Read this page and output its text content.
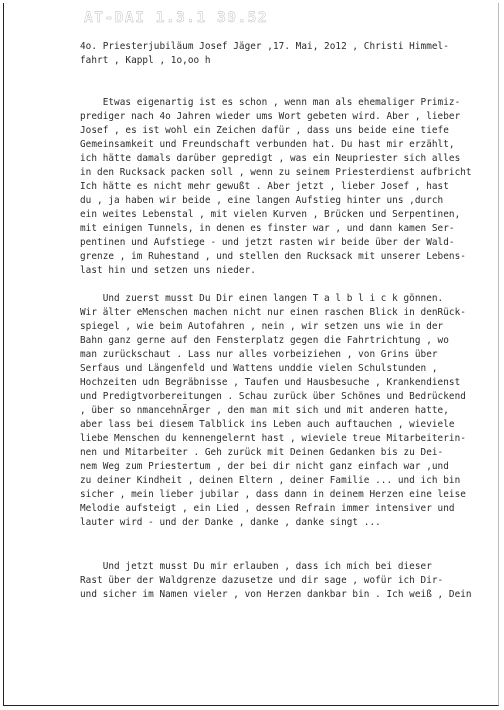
AT-DAI 1.3.1 39.52
4o. Priesterjubiläum Josef Jäger ,17. Mai, 2o12 , Christi Himmel-
fahrt , Kappl , 1o,oo h
Etwas eigenartig ist es schon , wenn man als ehemaliger Primiz-
prediger nach 4o Jahren wieder ums Wort gebeten wird. Aber , lieber
Josef , es ist wohl ein Zeichen dafür , dass uns beide eine tiefe
Gemeinsamkeit und Freundschaft verbunden hat. Du hast mir erzählt,
ich hätte damals darüber gepredigt , was ein Neupriester sich alles
in den Rucksack packen soll , wenn zu seinem Priesterdienst aufbricht
Ich hätte es nicht mehr gewußt . Aber jetzt , lieber Josef , hast
du , ja haben wir beide , eine langen Aufstieg hinter uns ,durch
ein weites Lebenstal , mit vielen Kurven , Brücken und Serpentinen,
mit einigen Tunnels, in denen es finster war , und dann kamen Ser-
pentinen und Aufstiege - und jetzt rasten wir beide über der Wald-
grenze , im Ruhestand , und stellen den Rucksack mit unserer Lebens-
last hin und setzen uns nieder.
Und zuerst musst Du Dir einen langen T a l b l i c k gönnen.
Wir älter eMenschen machen nicht nur einen raschen Blick in denRück-
spiegel , wie beim Autofahren , nein , wir setzen uns wie in der
Bahn ganz gerne auf den Fensterplatz gegen die Fahrtrichtung , wo
man zurückschaut . Lass nur alles vorbeiziehen , von Grins über
Serfaus und Längenfeld und Wattens unddie vielen Schulstunden ,
Hochzeiten udn Begräbnisse , Taufen und Hausbesuche , Krankendienst
und Predigtvorbereitungen . Schau zurück über Schönes und Bedrückend
, über so nmancehnÄrger , den man mit sich und mit anderen hatte,
aber lass bei diesem Talblick ins Leben auch auftauchen , wieviele
liebe Menschen du kennengelernt hast , wieviele treue Mitarbeiterin-
nen und Mitarbeiter . Geh zurück mit Deinen Gedanken bis zu Dei-
nem Weg zum Priestertum , der bei dir nicht ganz einfach war ,und
zu deiner Kindheit , deinen Eltern , deiner Familie ... und ich bin
sicher , mein lieber jubilar , dass dann in deinem Herzen eine leise
Melodie aufsteigt , ein Lied , dessen Refrain immer intensiver und
lauter wird - und der Danke , danke , danke singt ...
Und jetzt musst Du mir erlauben , dass ich mich bei dieser
Rast über der Waldgrenze dazusetze und dir sage , wofür ich Dir-
und sicher im Namen vieler , von Herzen dankbar bin . Ich weiß , Dein
